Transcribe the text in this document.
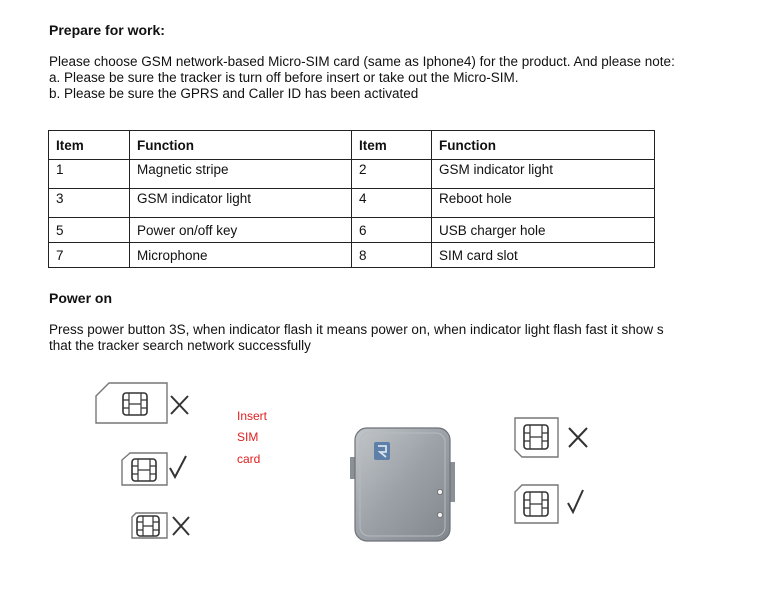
Prepare for work:
Please choose GSM network-based Micro-SIM card (same as Iphone4) for the product. And please note:
a. Please be sure the tracker is turn off before insert or take out the Micro-SIM.
b. Please be sure the GPRS and Caller ID has been activated
Item	Function	Item	Function
1	Magnetic stripe	2	GSM indicator light
3	GSM indicator light	4	Reboot hole
5	Power on/off key	6	USB charger hole
7	Microphone	8	SIM card slot
Power on
Press power button 3S, when indicator flash it means power on, when indicator light flash fast it show s
that the tracker search network successfully
Insert
SIM
card
